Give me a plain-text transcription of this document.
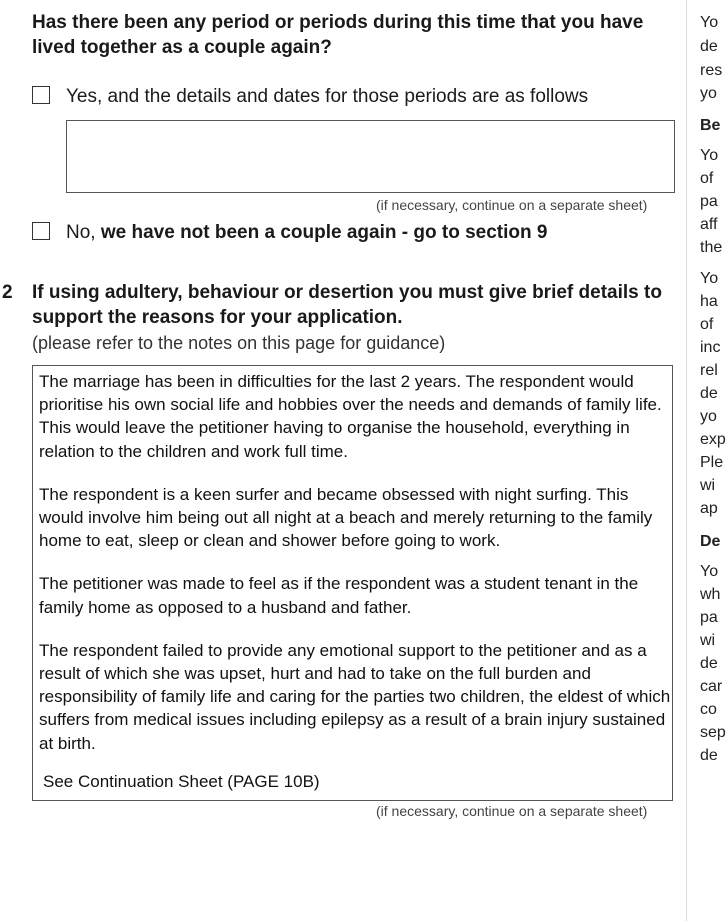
Has there been any period or periods during this time that you have lived together as a couple again?
Yes, and the details and dates for those periods are as follows
(if necessary, continue on a separate sheet)
No, we have not been a couple again - go to section 9
2 If using adultery, behaviour or desertion you must give brief details to support the reasons for your application.
(please refer to the notes on this page for guidance)

The marriage has been in difficulties for the last 2 years. The respondent would prioritise his own social life and hobbies over the needs and demands of family life. This would leave the petitioner having to organise the household, everything in relation to the children and work full time.

The respondent is a keen surfer and became obsessed with night surfing. This would involve him being out all night at a beach and merely returning to the family home to eat, sleep or clean and shower before going to work.

The petitioner was made to feel as if the respondent was a student tenant in the family home as opposed to a husband and father.

The respondent failed to provide any emotional support to the petitioner and as a result of which she was upset, hurt and had to take on the full burden and responsibility of family life and caring for the parties two children, the eldest of which suffers from medical issues including epilepsy as a result of a brain injury sustained at birth.

See Continuation Sheet (PAGE 10B)
(if necessary, continue on a separate sheet)
Yo
de
res
yo
Be
Yo
of
pa
aff
the
Yo
ha
of
inc
rel
de
yo
exp
Ple
wi
ap
De
Yo
wh
pa
wi
de
car
co
sep
de
